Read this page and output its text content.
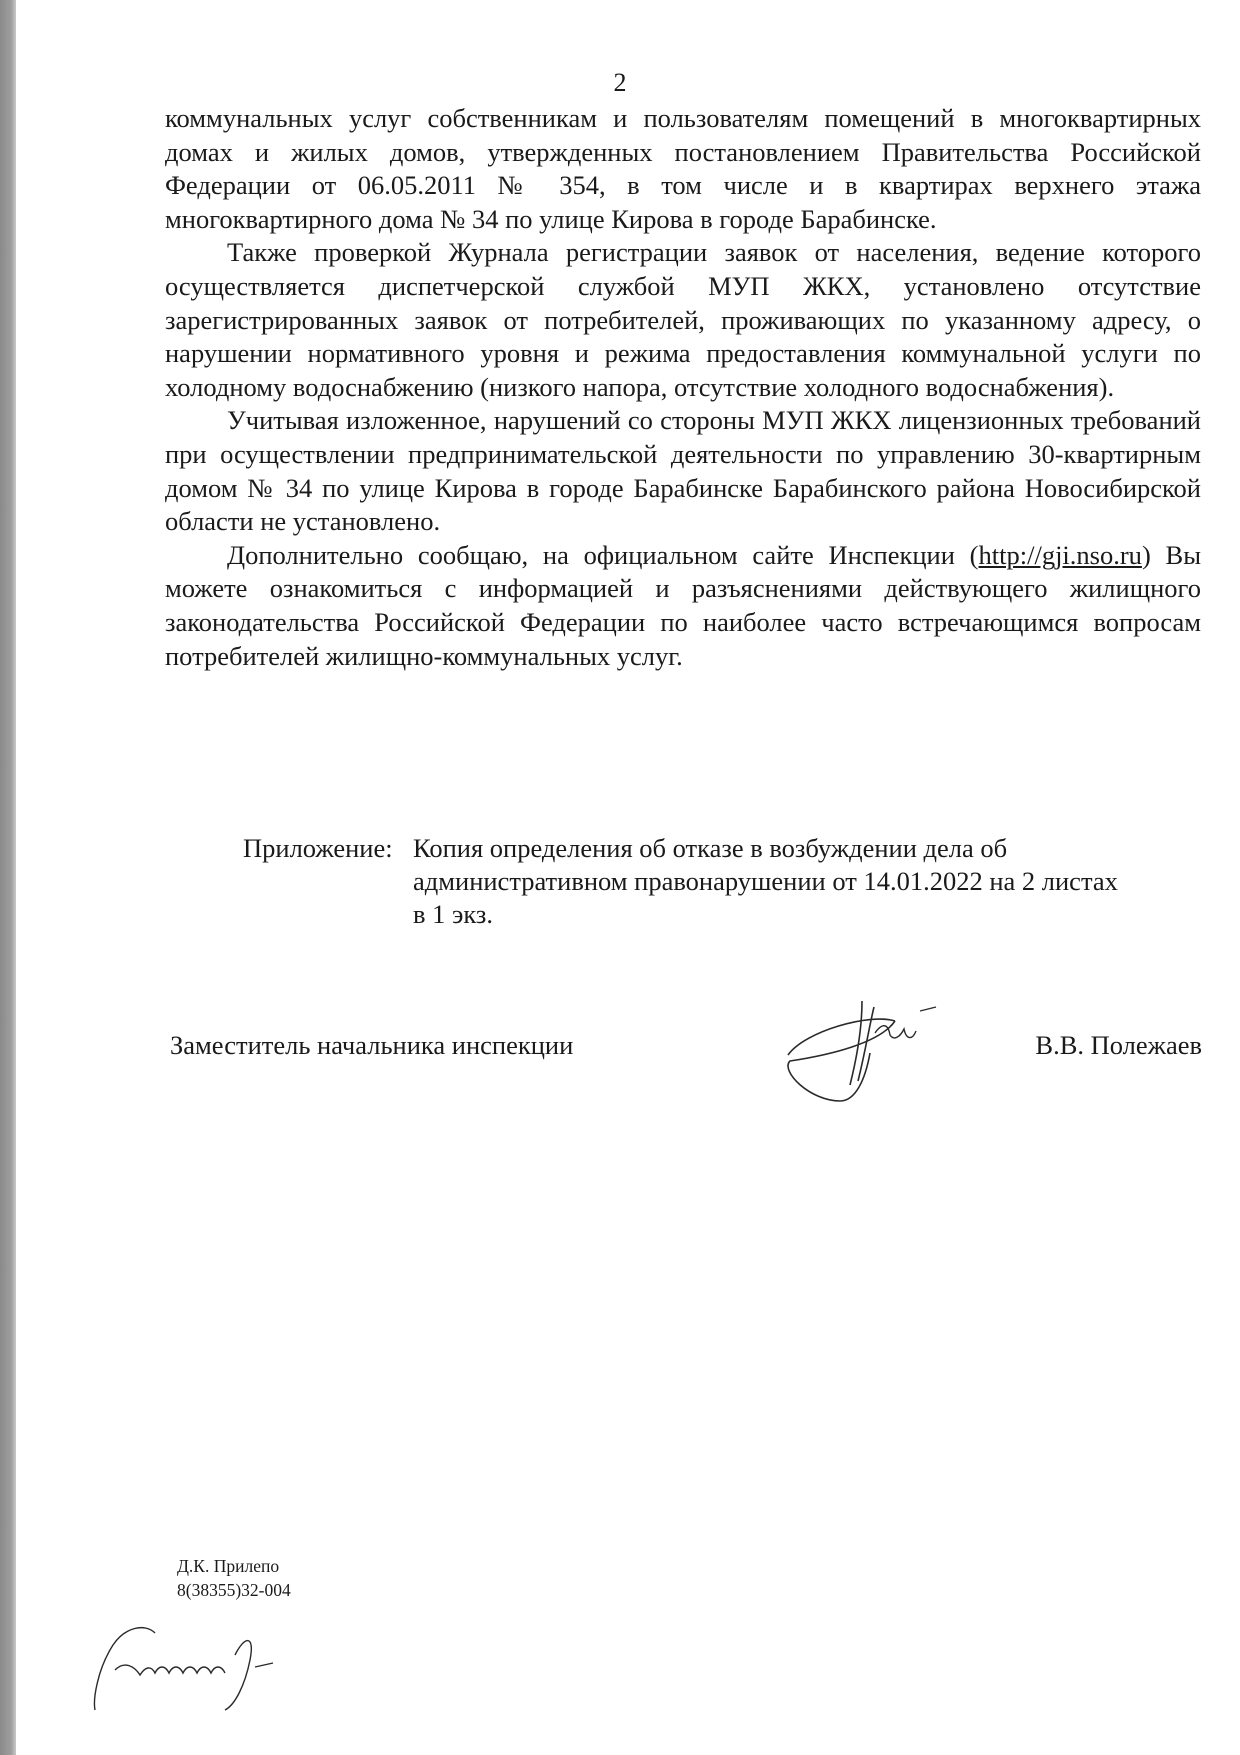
2

коммунальных услуг собственникам и пользователям помещений в многоквартирных домах и жилых домов, утвержденных постановлением Правительства Российской Федерации от 06.05.2011 № 354, в том числе и в квартирах верхнего этажа многоквартирного дома № 34 по улице Кирова в городе Барабинске.

Также проверкой Журнала регистрации заявок от населения, ведение которого осуществляется диспетчерской службой МУП ЖКХ, установлено отсутствие зарегистрированных заявок от потребителей, проживающих по указанному адресу, о нарушении нормативного уровня и режима предоставления коммунальной услуги по холодному водоснабжению (низкого напора, отсутствие холодного водоснабжения).

Учитывая изложенное, нарушений со стороны МУП ЖКХ лицензионных требований при осуществлении предпринимательской деятельности по управлению 30-квартирным домом № 34 по улице Кирова в городе Барабинске Барабинского района Новосибирской области не установлено.

Дополнительно сообщаю, на официальном сайте Инспекции (http://gji.nso.ru) Вы можете ознакомиться с информацией и разъяснениями действующего жилищного законодательства Российской Федерации по наиболее часто встречающимся вопросам потребителей жилищно-коммунальных услуг.

Приложение: Копия определения об отказе в возбуждении дела об
административном правонарушении от 14.01.2022 на 2 листах
в 1 экз.
Заместитель начальника инспекции	В.В. Полежаев
Д.К. Прилепо
8(38355)32-004
